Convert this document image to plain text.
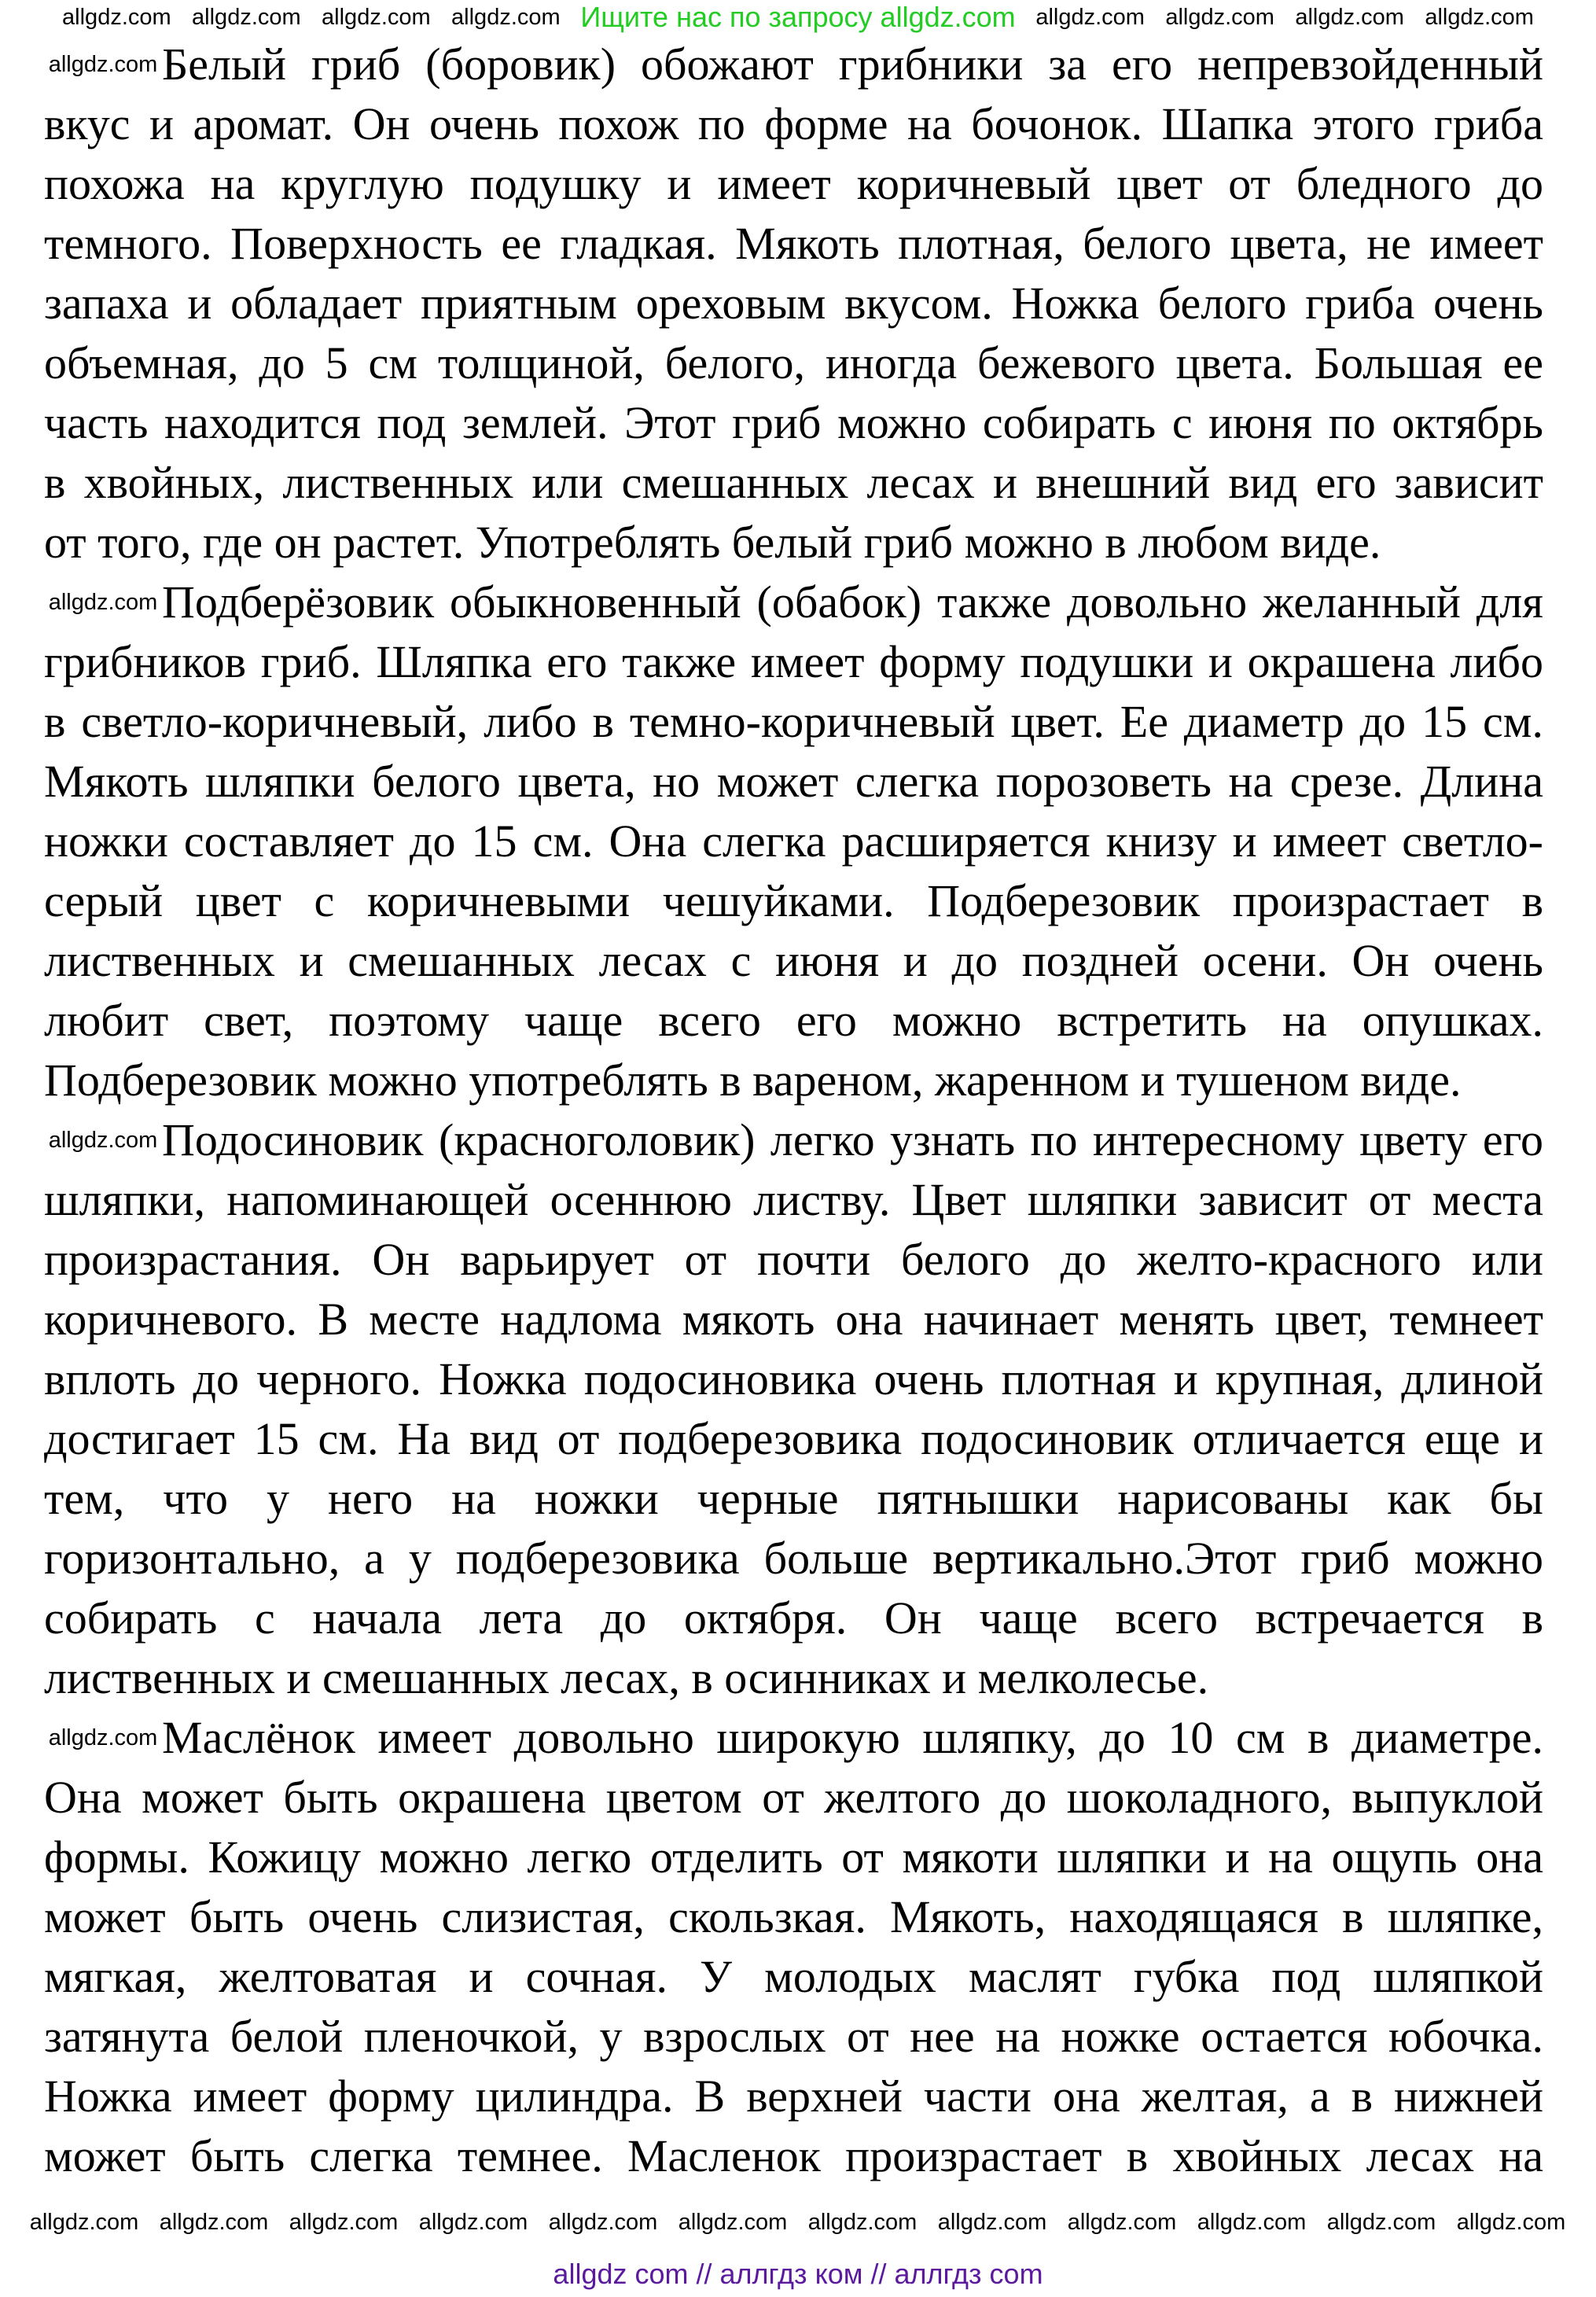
Ищите нас по запросу allgdz.com
Белый гриб (боровик) обожают грибники за его непревзойденный
вкус и аромат. Он очень похож по форме на бочонок. Шапка этого гриба
похожа на круглую подушку и имеет коричневый цвет от бледного до
темного. Поверхность ее гладкая. Мякоть плотная, белого цвета, не имеет
запаха и обладает приятным ореховым вкусом. Ножка белого гриба очень
объемная, до 5 см толщиной, белого, иногда бежевого цвета. Большая ее
часть находится под землей. Этот гриб можно собирать с июня по октябрь
в хвойных, лиственных или смешанных лесах и внешний вид его зависит
от того, где он растет. Употреблять белый гриб можно в любом виде.
Подберёзовик обыкновенный (обабок) также довольно желанный для
грибников гриб. Шляпка его также имеет форму подушки и окрашена либо
в светло-коричневый, либо в темно-коричневый цвет. Ее диаметр до 15 см.
Мякоть шляпки белого цвета, но может слегка порозоветь на срезе. Длина
ножки составляет до 15 см. Она слегка расширяется книзу и имеет светло-
серый цвет с коричневыми чешуйками. Подберезовик произрастает в
лиственных и смешанных лесах с июня и до поздней осени. Он очень
любит свет, поэтому чаще всего его можно встретить на опушках.
Подберезовик можно употреблять в вареном, жаренном и тушеном виде.
Подосиновик (красноголовик) легко узнать по интересному цвету его
шляпки, напоминающей осеннюю листву. Цвет шляпки зависит от места
произрастания. Он варьирует от почти белого до желто-красного или
коричневого. В месте надлома мякоть она начинает менять цвет, темнеет
вплоть до черного. Ножка подосиновика очень плотная и крупная, длиной
достигает 15 см. На вид от подберезовика подосиновик отличается еще и
тем, что у него на ножки черные пятнышки нарисованы как бы
горизонтально, а у подберезовика больше вертикально.Этот гриб можно
собирать с начала лета до октября. Он чаще всего встречается в
лиственных и смешанных лесах, в осинниках и мелколесье.
Маслёнок имеет довольно широкую шляпку, до 10 см в диаметре.
Она может быть окрашена цветом от желтого до шоколадного, выпуклой
формы. Кожицу можно легко отделить от мякоти шляпки и на ощупь она
может быть очень слизистая, скользкая. Мякоть, находящаяся в шляпке,
мягкая, желтоватая и сочная. У молодых маслят губка под шляпкой
затянута белой пленочкой, у взрослых от нее на ножке остается юбочка.
Ножка имеет форму цилиндра. В верхней части она желтая, а в нижней
может быть слегка темнее. Масленок произрастает в хвойных лесах на
allgdz com // аллгдз ком // аллгдз com
allgdz.com
allgdz.com
allgdz.com
allgdz.com	allgdz.com allgdz.com allgdz.com allgdz.com
allgdz.com
allgdz.com
allgdz.com
allgdz.com
allgdz.com allgdz.com allgdz.com allgdz.com allgdz.com allgdz.com allgdz.com allgdz.com allgdz.com allgdz.com allgdz.com allgdz.com
